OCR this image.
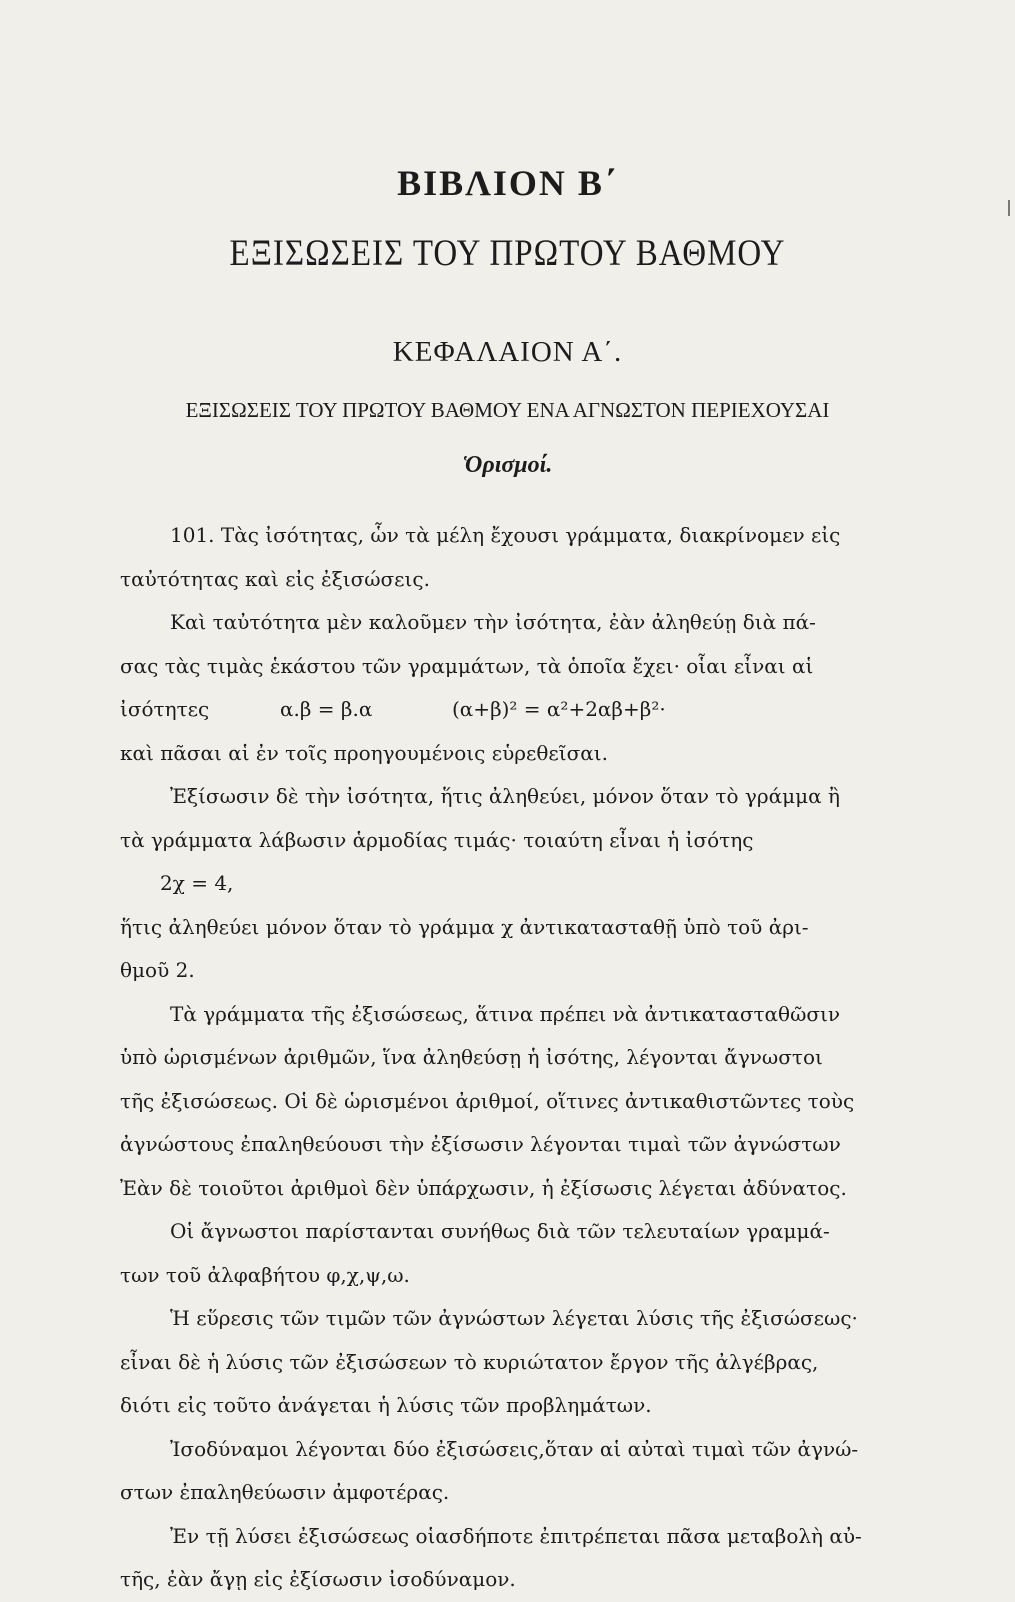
ΒΙΒΛΙΟΝ Β΄
ΕΞΙΣΩΣΕΙΣ ΤΟΥ ΠΡΩΤΟΥ ΒΑΘΜΟΥ
ΚΕΦΑΛΑΙΟΝ Α΄.
ΕΞΙΣΩΣΕΙΣ ΤΟΥ ΠΡΩΤΟΥ ΒΑΘΜΟΥ ΕΝΑ ΑΓΝΩΣΤΟΝ ΠΕΡΙΕΧΟΥΣΑΙ
Ὁρισμοί.
101. Τὰς ἰσότητας, ὧν τὰ μέλη ἔχουσι γράμματα, διακρίνομεν εἰς
ταὐτότητας καὶ εἰς ἐξισώσεις.
Καὶ ταὐτότητα μὲν καλοῦμεν τὴν ἰσότητα, ἐὰν ἀληθεύῃ διὰ πά-
σας τὰς τιμὰς ἑκάστου τῶν γραμμάτων, τὰ ὁποῖα ἔχει· οἷαι εἶναι αἱ
ἰσότητες	α.β = β.α	(α+β)² = α²+2αβ+β²·
καὶ πᾶσαι αἱ ἐν τοῖς προηγουμένοις εὑρεθεῖσαι.
Ἐξίσωσιν δὲ τὴν ἰσότητα, ἥτις ἀληθεύει, μόνον ὅταν τὸ γράμμα ἢ
τὰ γράμματα λάβωσιν ἁρμοδίας τιμάς· τοιαύτη εἶναι ἡ ἰσότης
2χ = 4,
ἥτις ἀληθεύει μόνον ὅταν τὸ γράμμα χ ἀντικατασταθῇ ὑπὸ τοῦ ἀρι-
θμοῦ 2.
Τὰ γράμματα τῆς ἐξισώσεως, ἅτινα πρέπει νὰ ἀντικατασταθῶσιν
ὑπὸ ὡρισμένων ἀριθμῶν, ἵνα ἀληθεύσῃ ἡ ἰσότης, λέγονται ἄγνωστοι
τῆς ἐξισώσεως. Οἱ δὲ ὡρισμένοι ἀριθμοί, οἵτινες ἀντικαθιστῶντες τοὺς
ἀγνώστους ἐπαληθεύουσι τὴν ἐξίσωσιν λέγονται τιμαὶ τῶν ἀγνώστων
Ἐὰν δὲ τοιοῦτοι ἀριθμοὶ δὲν ὑπάρχωσιν, ἡ ἐξίσωσις λέγεται ἀδύνατος.
Οἱ ἄγνωστοι παρίστανται συνήθως διὰ τῶν τελευταίων γραμμά-
των τοῦ ἀλφαβήτου φ,χ,ψ,ω.
Ἡ εὕρεσις τῶν τιμῶν τῶν ἀγνώστων λέγεται λύσις τῆς ἐξισώσεως·
εἶναι δὲ ἡ λύσις τῶν ἐξισώσεων τὸ κυριώτατον ἔργον τῆς ἀλγέβρας,
διότι εἰς τοῦτο ἀνάγεται ἡ λύσις τῶν προβλημάτων.
Ἰσοδύναμοι λέγονται δύο ἐξισώσεις,ὅταν αἱ αὐταὶ τιμαὶ τῶν ἀγνώ-
στων ἐπαληθεύωσιν ἀμφοτέρας.
Ἐν τῇ λύσει ἐξισώσεως οἱασδήποτε ἐπιτρέπεται πᾶσα μεταβολὴ αὐ-
τῆς, ἐὰν ἄγῃ εἰς ἐξίσωσιν ἰσοδύναμον.
